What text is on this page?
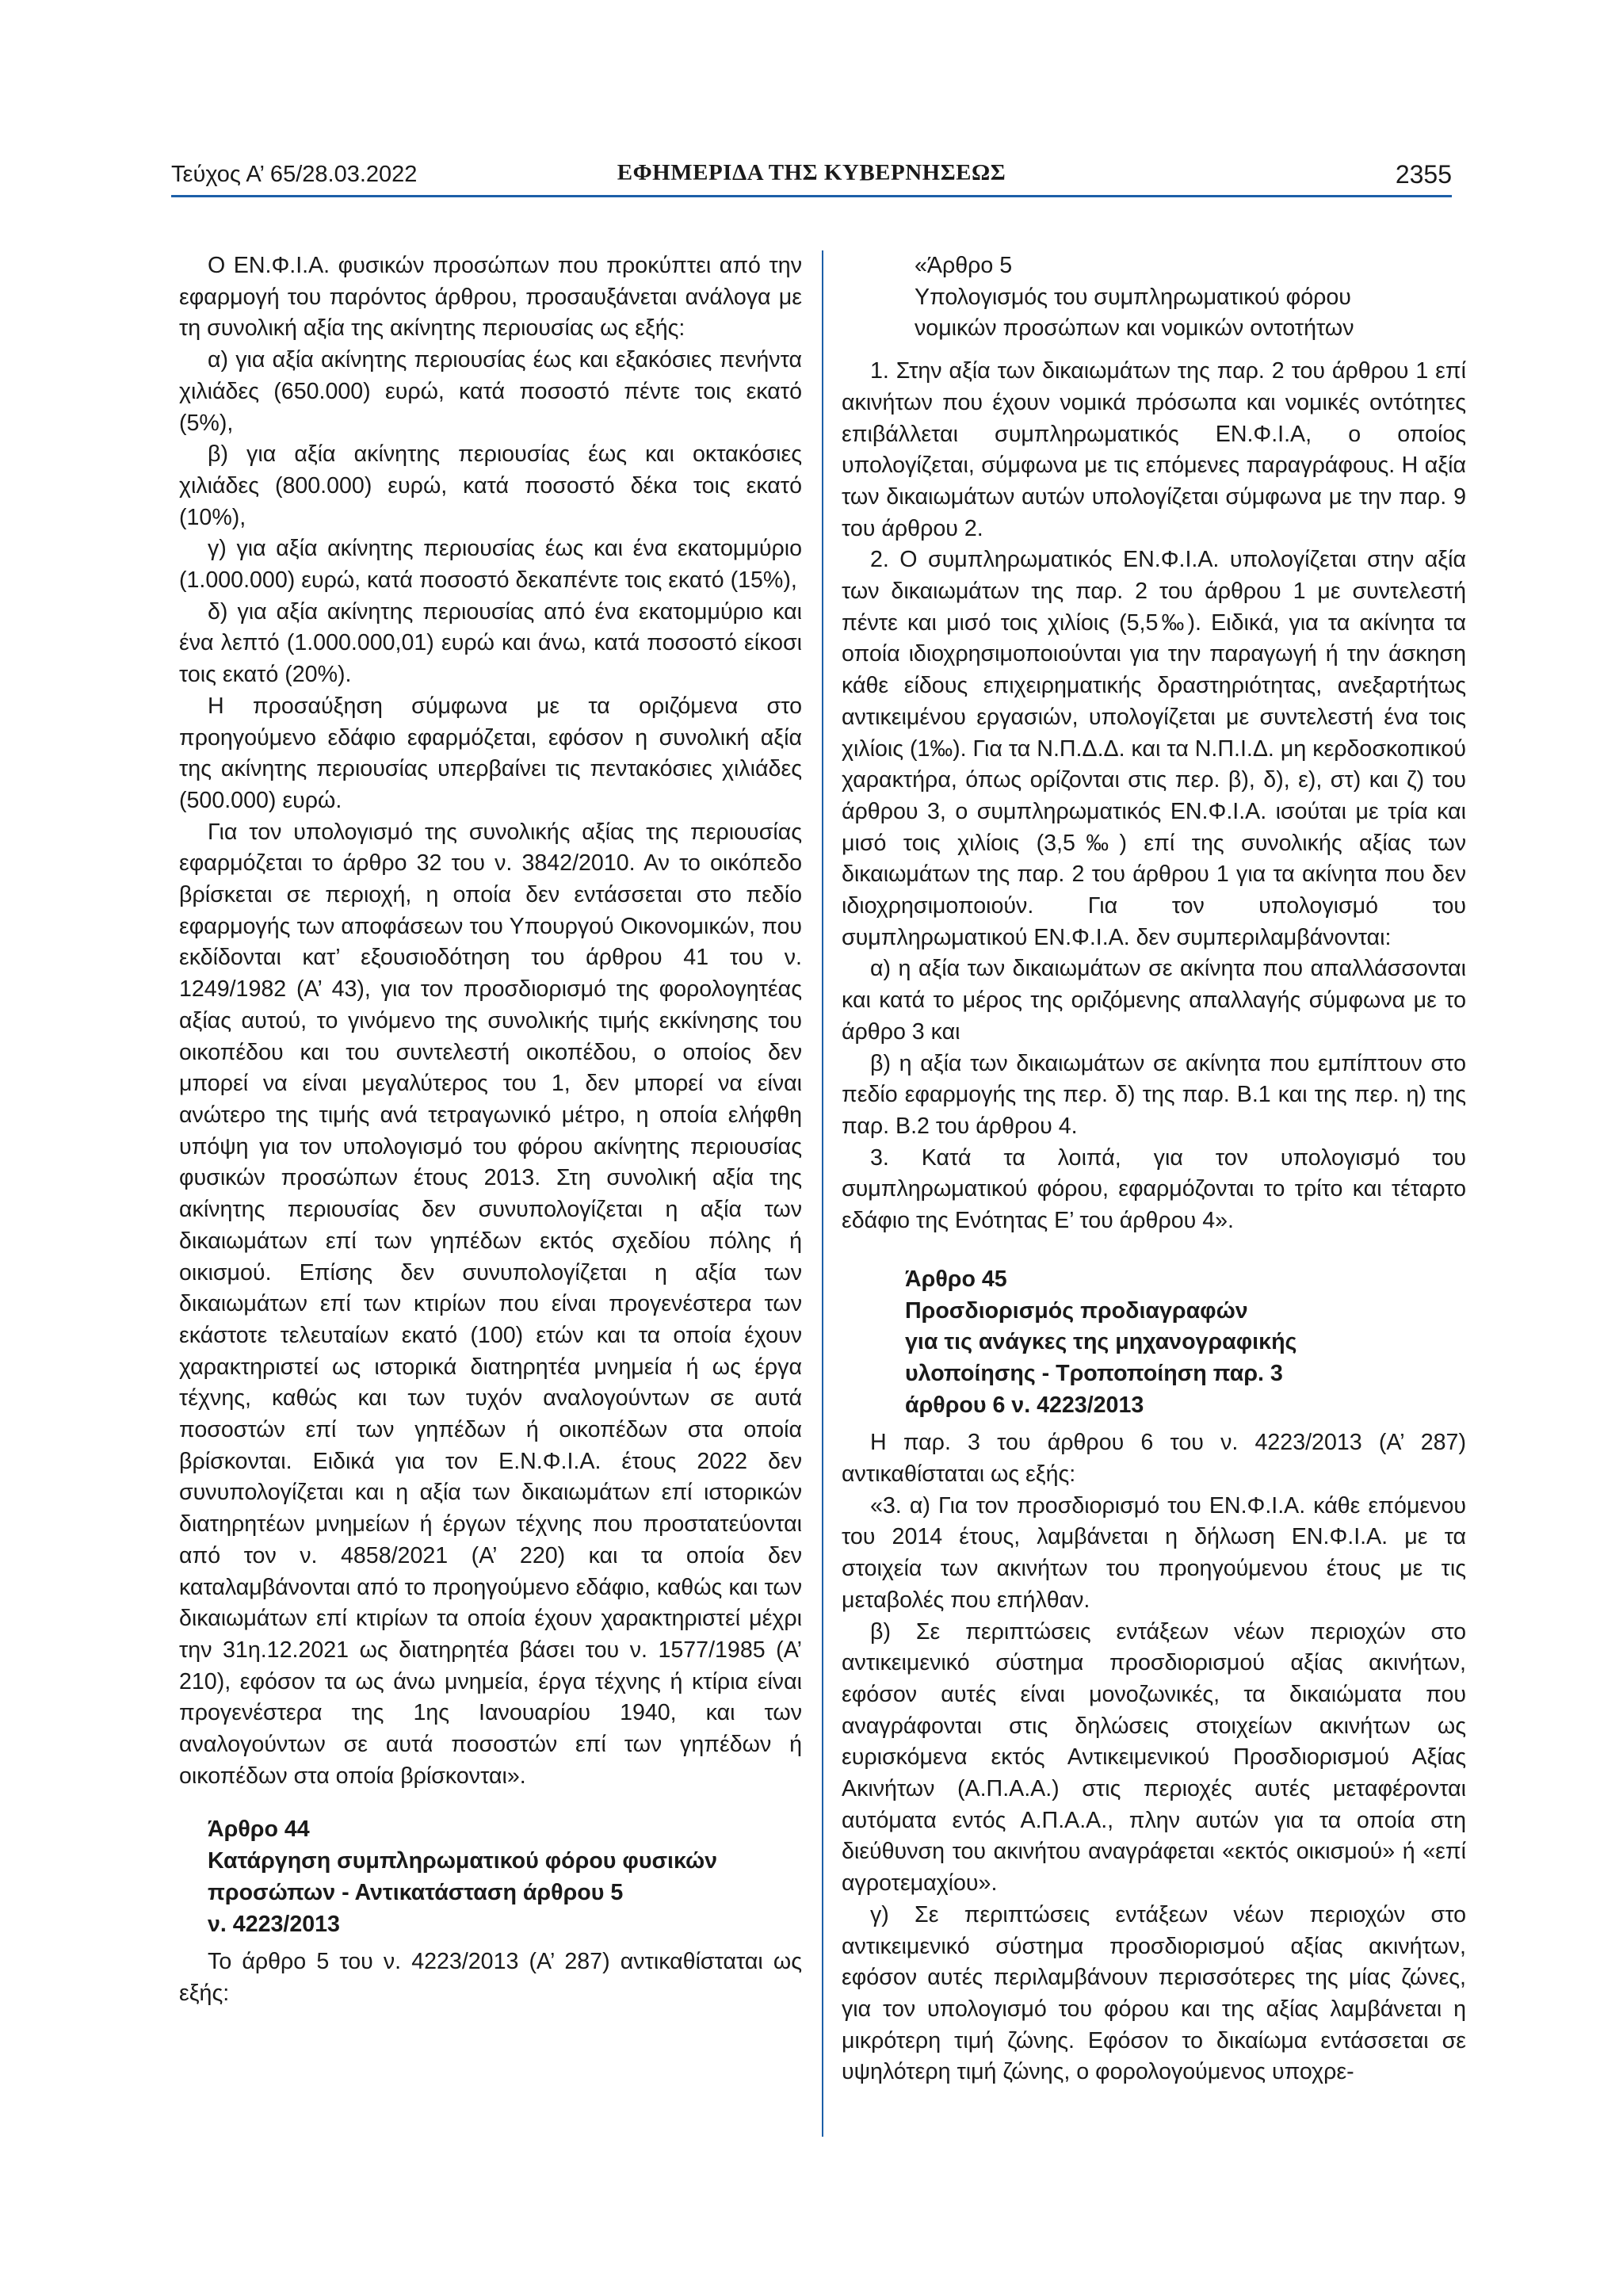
Τεύχος Α’ 65/28.03.2022	ΕΦΗΜΕΡΙΔΑ ΤΗΣ ΚΥΒΕΡΝΗΣΕΩΣ	2355

Ο ΕΝ.Φ.Ι.Α. φυσικών προσώπων που προκύπτει από την εφαρμογή του παρόντος άρθρου, προσαυξάνεται ανάλογα με τη συνολική αξία της ακίνητης περιουσίας ως εξής:

α) για αξία ακίνητης περιουσίας έως και εξακόσιες πενήντα χιλιάδες (650.000) ευρώ, κατά ποσοστό πέντε τοις εκατό (5%),

β) για αξία ακίνητης περιουσίας έως και οκτακόσιες χιλιάδες (800.000) ευρώ, κατά ποσοστό δέκα τοις εκατό (10%),

γ) για αξία ακίνητης περιουσίας έως και ένα εκατομμύριο (1.000.000) ευρώ, κατά ποσοστό δεκαπέντε τοις εκατό (15%),

δ) για αξία ακίνητης περιουσίας από ένα εκατομμύριο και ένα λεπτό (1.000.000,01) ευρώ και άνω, κατά ποσοστό είκοσι τοις εκατό (20%).

Η προσαύξηση σύμφωνα με τα οριζόμενα στο προηγούμενο εδάφιο εφαρμόζεται, εφόσον η συνολική αξία της ακίνητης περιουσίας υπερβαίνει τις πεντακόσιες χιλιάδες (500.000) ευρώ.

Για τον υπολογισμό της συνολικής αξίας της περιουσίας εφαρμόζεται το άρθρο 32 του ν. 3842/2010. Αν το οικόπεδο βρίσκεται σε περιοχή, η οποία δεν εντάσσεται στο πεδίο εφαρμογής των αποφάσεων του Υπουργού Οικονομικών, που εκδίδονται κατ’ εξουσιοδότηση του άρθρου 41 του ν. 1249/1982 (Α’ 43), για τον προσδιορισμό της φορολογητέας αξίας αυτού, το γινόμενο της συνολικής τιμής εκκίνησης του οικοπέδου και του συντελεστή οικοπέδου, ο οποίος δεν μπορεί να είναι μεγαλύτερος του 1, δεν μπορεί να είναι ανώτερο της τιμής ανά τετραγωνικό μέτρο, η οποία ελήφθη υπόψη για τον υπολογισμό του φόρου ακίνητης περιουσίας φυσικών προσώπων έτους 2013. Στη συνολική αξία της ακίνητης περιουσίας δεν συνυπολογίζεται η αξία των δικαιωμάτων επί των γηπέδων εκτός σχεδίου πόλης ή οικισμού. Επίσης δεν συνυπολογίζεται η αξία των δικαιωμάτων επί των κτιρίων που είναι προγενέστερα των εκάστοτε τελευταίων εκατό (100) ετών και τα οποία έχουν χαρακτηριστεί ως ιστορικά διατηρητέα μνημεία ή ως έργα τέχνης, καθώς και των τυχόν αναλογούντων σε αυτά ποσοστών επί των γηπέδων ή οικοπέδων στα οποία βρίσκονται. Ειδικά για τον Ε.Ν.Φ.Ι.Α. έτους 2022 δεν συνυπολογίζεται και η αξία των δικαιωμάτων επί ιστορικών διατηρητέων μνημείων ή έργων τέχνης που προστατεύονται από τον ν. 4858/2021 (Α’ 220) και τα οποία δεν καταλαμβάνονται από το προηγούμενο εδάφιο, καθώς και των δικαιωμάτων επί κτιρίων τα οποία έχουν χαρακτηριστεί μέχρι την 31η.12.2021 ως διατηρητέα βάσει του ν. 1577/1985 (Α’ 210), εφόσον τα ως άνω μνημεία, έργα τέχνης ή κτίρια είναι προγενέστερα της 1ης Ιανουαρίου 1940, και των αναλογούντων σε αυτά ποσοστών επί των γηπέδων ή οικοπέδων στα οποία βρίσκονται».

Άρθρο 44
Κατάργηση συμπληρωματικού φόρου φυσικών προσώπων - Αντικατάσταση άρθρου 5
ν. 4223/2013

Το άρθρο 5 του ν. 4223/2013 (Α’ 287) αντικαθίσταται ως εξής:

«Άρθρο 5
Υπολογισμός του συμπληρωματικού φόρου νομικών προσώπων και νομικών οντοτήτων

1. Στην αξία των δικαιωμάτων της παρ. 2 του άρθρου 1 επί ακινήτων που έχουν νομικά πρόσωπα και νομικές οντότητες επιβάλλεται συμπληρωματικός ΕΝ.Φ.Ι.Α, ο οποίος υπολογίζεται, σύμφωνα με τις επόμενες παραγράφους. Η αξία των δικαιωμάτων αυτών υπολογίζεται σύμφωνα με την παρ. 9 του άρθρου 2.

2. Ο συμπληρωματικός ΕΝ.Φ.Ι.Α. υπολογίζεται στην αξία των δικαιωμάτων της παρ. 2 του άρθρου 1 με συντελεστή πέντε και μισό τοις χιλίοις (5,5‰). Ειδικά, για τα ακίνητα τα οποία ιδιοχρησιμοποιούνται για την παραγωγή ή την άσκηση κάθε είδους επιχειρηματικής δραστηριότητας, ανεξαρτήτως αντικειμένου εργασιών, υπολογίζεται με συντελεστή ένα τοις χιλίοις (1‰). Για τα Ν.Π.Δ.Δ. και τα Ν.Π.Ι.Δ. μη κερδοσκοπικού χαρακτήρα, όπως ορίζονται στις περ. β), δ), ε), στ) και ζ) του άρθρου 3, ο συμπληρωματικός ΕΝ.Φ.Ι.Α. ισούται με τρία και μισό τοις χιλίοις (3,5‰) επί της συνολικής αξίας των δικαιωμάτων της παρ. 2 του άρθρου 1 για τα ακίνητα που δεν ιδιοχρησιμοποιούν. Για τον υπολογισμό του συμπληρωματικού ΕΝ.Φ.Ι.Α. δεν συμπεριλαμβάνονται:

α) η αξία των δικαιωμάτων σε ακίνητα που απαλλάσσονται και κατά το μέρος της οριζόμενης απαλλαγής σύμφωνα με το άρθρο 3 και

β) η αξία των δικαιωμάτων σε ακίνητα που εμπίπτουν στο πεδίο εφαρμογής της περ. δ) της παρ. Β.1 και της περ. η) της παρ. Β.2 του άρθρου 4.

3. Κατά τα λοιπά, για τον υπολογισμό του συμπληρωματικού φόρου, εφαρμόζονται το τρίτο και τέταρτο εδάφιο της Ενότητας Ε’ του άρθρου 4».

Άρθρο 45
Προσδιορισμός προδιαγραφών
για τις ανάγκες της μηχανογραφικής
υλοποίησης - Τροποποίηση παρ. 3
άρθρου 6 ν. 4223/2013

Η παρ. 3 του άρθρου 6 του ν. 4223/2013 (Α’ 287) αντικαθίσταται ως εξής:

«3. α) Για τον προσδιορισμό του ΕΝ.Φ.Ι.Α. κάθε επόμενου του 2014 έτους, λαμβάνεται η δήλωση ΕΝ.Φ.Ι.Α. με τα στοιχεία των ακινήτων του προηγούμενου έτους με τις μεταβολές που επήλθαν.

β) Σε περιπτώσεις εντάξεων νέων περιοχών στο αντικειμενικό σύστημα προσδιορισμού αξίας ακινήτων, εφόσον αυτές είναι μονοζωνικές, τα δικαιώματα που αναγράφονται στις δηλώσεις στοιχείων ακινήτων ως ευρισκόμενα εκτός Αντικειμενικού Προσδιορισμού Αξίας Ακινήτων (Α.Π.Α.Α.) στις περιοχές αυτές μεταφέρονται αυτόματα εντός Α.Π.Α.Α., πλην αυτών για τα οποία στη διεύθυνση του ακινήτου αναγράφεται «εκτός οικισμού» ή «επί αγροτεμαχίου».

γ) Σε περιπτώσεις εντάξεων νέων περιοχών στο αντικειμενικό σύστημα προσδιορισμού αξίας ακινήτων, εφόσον αυτές περιλαμβάνουν περισσότερες της μίας ζώνες, για τον υπολογισμό του φόρου και της αξίας λαμβάνεται η μικρότερη τιμή ζώνης. Εφόσον το δικαίωμα εντάσσεται σε υψηλότερη τιμή ζώνης, ο φορολογούμενος υποχρε-
